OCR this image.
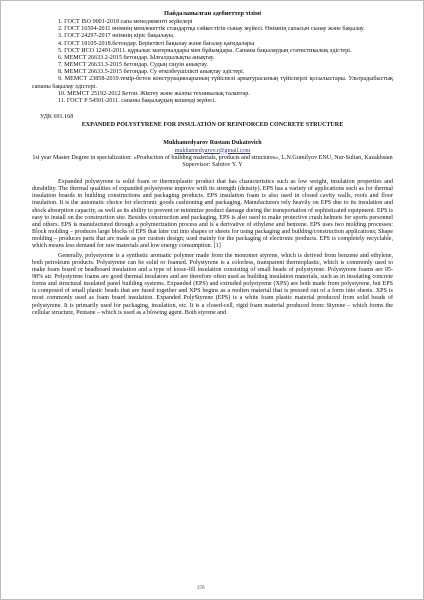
Пайдаланылған әдебиеттер тізімі

1. ГОСТ ISO 9001-2018 сапа менеджменті жүйелері

2. ГОСТ 16504-2011 өнімнің мемлекеттік стандартқа сәйкестігін сынау жүйесі. Өнімнің сапасын сынау және бақылау.

3. ГОСТ 24297-2017 өнімнің кіріс бақылауы.

4. ГОСТ 18105-2018.бетондар. Беріктікті бақылау және бағалау қағидалары

5. ГОСТ ИСО 12491-2011. құрылыс материалдары мен бұйымдары. Сапаны бақылаудың статистикалық әдістері.

6. МЕМСТ 26633.2-2015 бетондар. Ылғалдылықты анықтау.

7. МЕМСТ 26633.3-2015 бетондар. Судың сіңуін анықтау.

8. МЕМСТ 26633.5-2015 бетондар. Су өткізбеушілікті анықтау әдістері.

9. МЕМСТ 23858-2019.темір-бетон конструкцияларының түйіспелі арматурасының түйісперлі қосылыстары. Ультрадыбыстық сапаны бақылау әдістері.

10. МЕМСТ 25192-2012 Бетон. Жіктеу және жалпы техникалық талаптар.

11. ГОСТ Р 54501-2011. сапаны бақылаудың кешенді жүйесі.

УДК 691.168
EXPANDED POLYSTYRENE FOR INSULATION OF REINFORCED CONCRETE STRUCTURE

Mukhamedyarov Rustam Dukatovich

mukhamedyarov.r@gmail.com

1st year Master Degree in specialization: «Production of building materials, products and structures», L.N.Gumilyov ENU, Nur-Sultan, Kazakhstan

Supervisor: Sabitov Y. Y

Expanded polystyrene is solid foam or thermoplastic product that has characteristics such as low weight, insulation properties and durability. The thermal qualities of expanded polystyrene improve with its strength (density). EPS has a variety of applications such as for thermal insulation boards in building constructions and packaging products. EPS insulation foam is also used in closed cavity walls, roofs and floor insulation. It is the automatic choice for electronic goods cushioning and packaging. Manufacturers rely heavily on EPS due to its insulation and shock absorption capacity, as well as its ability to prevent or minimize product damage during the transportation of sophisticated equipment. EPS is easy to install on the construction site. Besides construction and packaging, EPS is also used to make protective crash helmets for sports personnel and others. EPS is manufactured through a polymerization process and is a derivative of ethylene and benzene. EPS uses two molding processes: Block molding – produces large blocks of EPS that later cut into shapes or sheets for using packaging and building/construction applications; Shape molding – produces parts that are made as per custom design; used mainly for the packaging of electronic products. EPS is completely recyclable, which means less demand for raw materials and low energy consumption. [1]

Generally, polystyrene is a synthetic aromatic polymer made from the monomer styrene, which is derived from benzene and ethylene, both petroleum products. Polystyrene can be solid or foamed. Polystyrene is a colorless, transparent thermoplastic, which is commonly used to make foam board or beadboard insulation and a type of loose-fill insulation consisting of small beads of polystyrene. Polystyrene foams are 95-98% air. Polystyrene foams are good thermal insulators and are therefore often used as building insulation materials, such as in insulating concrete forms and structural insulated panel building systems. Expanded (EPS) and extruded polystyrene (XPS) are both made from polystyrene, but EPS is composed of small plastic beads that are fused together and XPS begins as a molten material that is pressed out of a form into sheets. XPS is most commonly used as foam board insulation. Expanded PolyStyrene (EPS) is a white foam plastic material produced from solid beads of polystyrene. It is primarily used for packaging, insulation, etc. It is a closed-cell, rigid foam material produced from: Styrene – which forms the cellular structure, Pentane – which is used as a blowing agent. Both styrene and

370
